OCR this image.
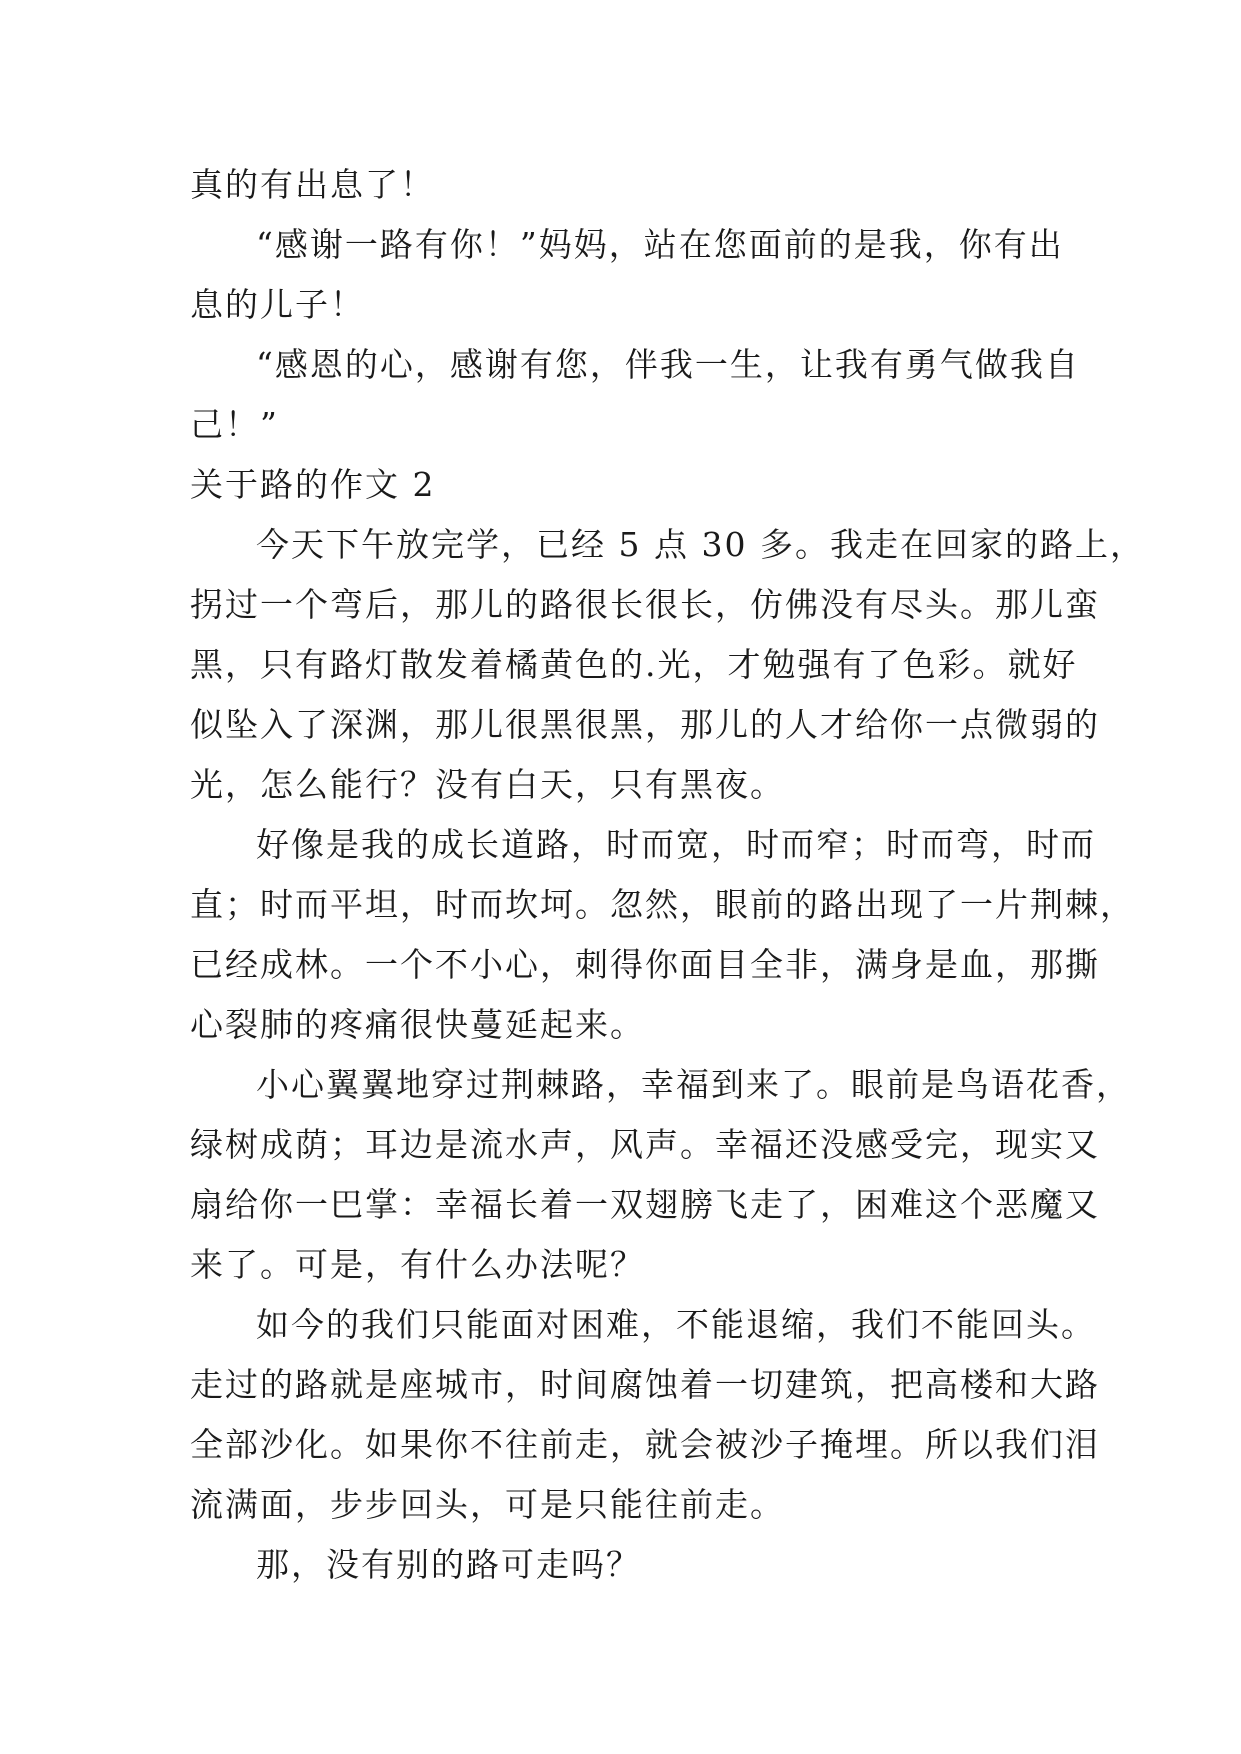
真的有出息了！
“感谢一路有你！”妈妈，站在您面前的是我，你有出
息的儿子！
“感恩的心，感谢有您，伴我一生，让我有勇气做我自
己！”
关于路的作文 2
今天下午放完学，已经 5 点 30 多。我走在回家的路上，
拐过一个弯后，那儿的路很长很长，仿佛没有尽头。那儿蛮
黑，只有路灯散发着橘黄色的.光，才勉强有了色彩。就好
似坠入了深渊，那儿很黑很黑，那儿的人才给你一点微弱的
光，怎么能行？没有白天，只有黑夜。
好像是我的成长道路，时而宽，时而窄；时而弯，时而
直；时而平坦，时而坎坷。忽然，眼前的路出现了一片荆棘，
已经成林。一个不小心，刺得你面目全非，满身是血，那撕
心裂肺的疼痛很快蔓延起来。
小心翼翼地穿过荆棘路，幸福到来了。眼前是鸟语花香，
绿树成荫；耳边是流水声，风声。幸福还没感受完，现实又
扇给你一巴掌：幸福长着一双翅膀飞走了，困难这个恶魔又
来了。可是，有什么办法呢？
如今的我们只能面对困难，不能退缩，我们不能回头。
走过的路就是座城市，时间腐蚀着一切建筑，把高楼和大路
全部沙化。如果你不往前走，就会被沙子掩埋。所以我们泪
流满面，步步回头，可是只能往前走。
那，没有别的路可走吗？
